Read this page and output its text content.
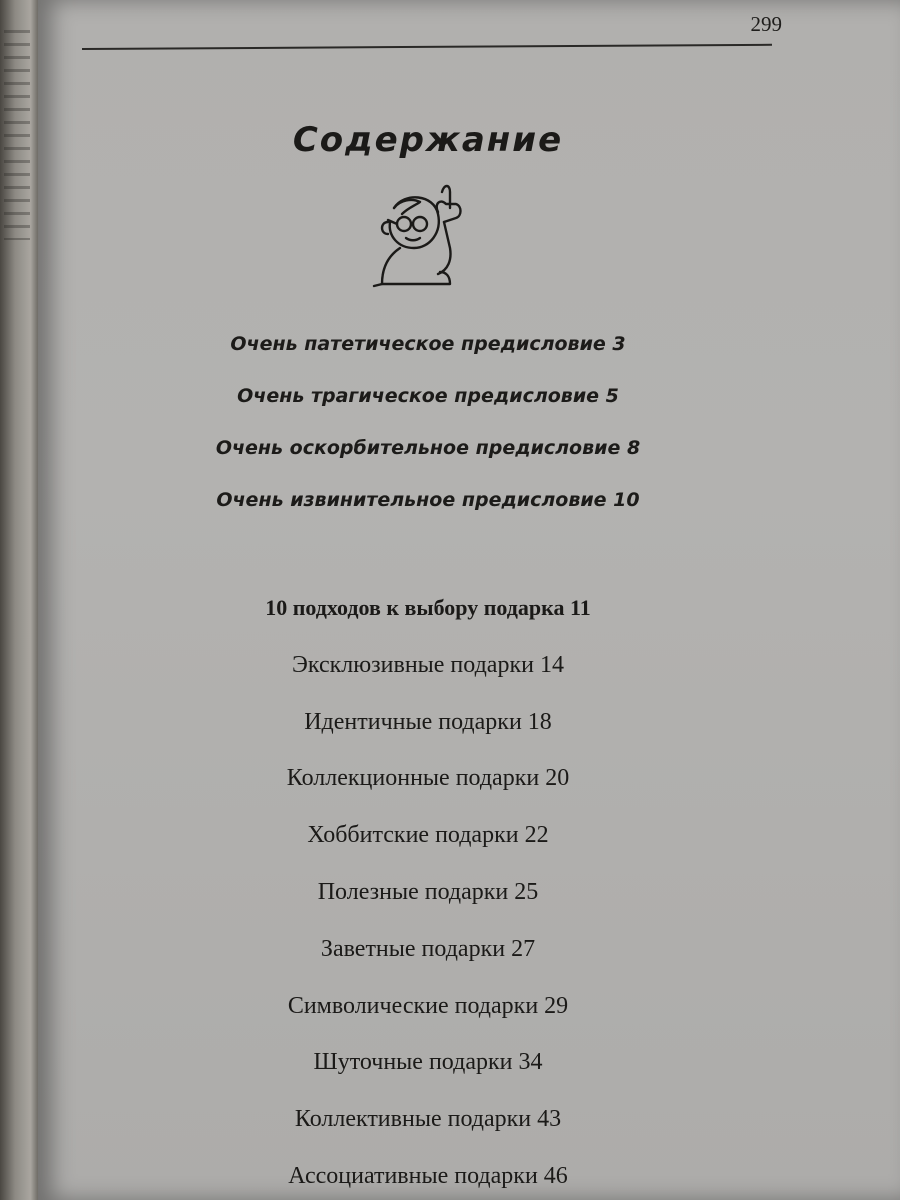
299
Содержание
Очень патетическое предисловие 3
Очень трагическое предисловие 5
Очень оскорбительное предисловие 8
Очень извинительное предисловие 10
10 подходов к выбору подарка 11
Эксклюзивные подарки 14
Идентичные подарки 18
Коллекционные подарки 20
Хоббитские подарки 22
Полезные подарки 25
Заветные подарки 27
Символические подарки 29
Шуточные подарки 34
Коллективные подарки 43
Ассоциативные подарки 46
